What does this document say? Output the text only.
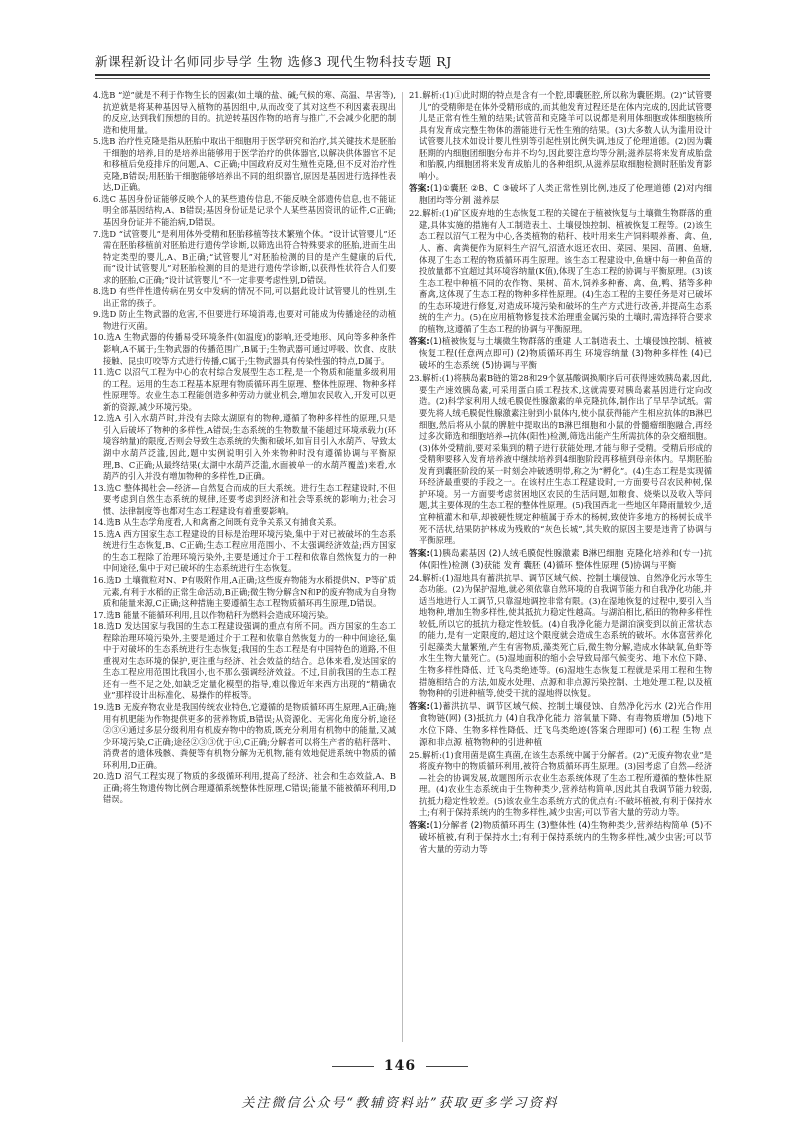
新课程新设计名师同步导学 生物 选修3 现代生物科技专题 RJ

4.选B “逆”就是不利于作物生长的因素(如土壤的盐、碱;气候的寒、高温、旱害等),抗逆就是将某种基因导入植物的基因组中,从而改变了其对这些不利因素表现出的反应,达到我们预想的目的。抗逆转基因作物的培育与推广,不会减少化肥的制造和使用量。

5.选B 治疗性克隆是指从胚胎中取出干细胞用于医学研究和治疗,其关键技术是胚胎干细胞的培养,目的是培养出能够用于医学治疗的供体器官,以解决供体器官不足和移植后免疫排斥的问题,A、C正确;中国政府反对生殖性克隆,但不反对治疗性克隆,B错误;用胚胎干细胞能够培养出不同的组织器官,原因是基因进行选择性表达,D正确。

6.选C 基因身份证能够反映个人的某些遗传信息,不能反映全部遗传信息,也不能证明全部基因结构,A、B错误;基因身份证是记录个人某些基因资讯的证件,C正确;基因身份证并不能治病,D错误。

7.选D “试管婴儿”是利用体外受精和胚胎移植等技术繁殖个体。“设计试管婴儿”还需在胚胎移植前对胚胎进行遗传学诊断,以筛选出符合特殊要求的胚胎,进而生出特定类型的婴儿,A、B正确;“试管婴儿”对胚胎检测的目的是产生健康的后代,而“设计试管婴儿”对胚胎检测的目的是进行遗传学诊断,以获得性状符合人们要求的胚胎,C正确;“设计试管婴儿”不一定非要考虑性别,D错误。

8.选D 有些伴性遗传病在男女中发病的情况不同,可以据此设计试管婴儿的性别,生出正常的孩子。

9.选D 防止生物武器的危害,不但要进行环境消毒,也要对可能成为传播途径的动植物进行灭菌。

10.选A 生物武器的传播易受环境条件(如温度)的影响,还受地形、风向等多种条件影响,A不属于;生物武器的传播范围广,B属于;生物武器可通过呼吸、饮食、皮肤接触、昆虫叮咬等方式进行传播,C属于;生物武器具有传染性强的特点,D属于。

11.选C 以沼气工程为中心的农村综合发展型生态工程,是一个物质和能量多级利用的工程。运用的生态工程基本原理有物质循环再生原理、整体性原理、物种多样性原理等。农业生态工程能创造多种劳动力就业机会,增加农民收入,开发可以更新的资源,减少环境污染。

12.选A 引入水葫芦时,并没有去除太湖原有的物种,遵循了物种多样性的原理,只是引入后破坏了物种的多样性,A错误;生态系统的生物数量不能超过环境承载力(环境容纳量)的限度,否则会导致生态系统的失衡和破坏,如盲目引入水葫芦、导致太湖中水葫芦泛滥,因此,题中实例说明引入外来物种时没有遵循协调与平衡原理,B、C正确;从最终结果(太湖中水葫芦泛滥,水面被单一的水葫芦覆盖)来看,水葫芦的引入并没有增加物种的多样性,D正确。

13.选C 整体揭杜会—经济—自然复合而成的巨大系统。进行生态工程建设时,不但要考虑到自然生态系统的规律,还要考虑到经济和社会等系统的影响力;社会习惯、法律制度等也都对生态工程建设有着重要影响。

14.选B 从生态学角度看,人和禽畜之间既有竞争关系又有捕食关系。

15.选A 西方国家生态工程建设的目标是治理环境污染,集中于对已被破坏的生态系统进行生态恢复,B、C正确;生态工程应用范围小、不太强调经济效益;西方国家的生态工程除了治理环境污染外,主要是通过介于工程和依靠自然恢复力的一种中间途径,集中于对已破坏的生态系统进行生态恢复。

16.选D 土壤微粒对N、P有吸附作用,A正确;这些废弃物能为水稻提供N、P等矿质元素,有利于水稻的正常生命活动,B正确;微生物分解含N和P的废弃物成为自身物质和能量来源,C正确;这种措施主要遵循生态工程物质循环再生原理,D错误。

17.选B 能量不能循环利用,且以作物秸秆为燃料会造成环境污染。

18.选D 发达国家与我国的生态工程建设强调的重点有所不同。西方国家的生态工程除治理环境污染外,主要是通过介于工程和依靠自然恢复力的一种中间途径,集中于对破坏的生态系统进行生态恢复;我国的生态工程是有中国特色的道路,不但重视对生态环境的保护,更注重与经济、社会效益的结合。总体来看,发达国家的生态工程应用范围比我国小,也不那么强调经济效益。不过,目前我国的生态工程还有一些不足之处,如缺乏定量化模型的指导,难以像近年来西方出现的“精确农业”那样设计出标准化、易操作的样板等。

19.选B 无废弃物农业是我国传统农业特色,它遵循的是物质循环再生原理,A正确;施用有机肥能为作物提供更多的营养物质,B错误;从资源化、无害化角度分析,途径②③④通过多层分级利用有机废弃物中的物质,既充分利用有机物中的能量,又减少环境污染,C正确;途径②③③优于④,C正确;分解者可以将生产者的秸秆落叶、消费者的遗体残骸、粪便等有机物分解为无机物,能有效地促进系统中物质的循环利用,D正确。

20.选D 沼气工程实现了物质的多级循环利用,提高了经济、社会和生态效益,A、B正确;将生物遗传物比例合理遵循系统整体性原理,C错误;能量不能被循环利用,D错误。

21.解析:(1)①此时期的特点是含有一个腔,即囊胚腔,所以称为囊胚期。(2)“试管婴儿”的受精卵是在体外受精形成的,而其他发育过程还是在体内完成的,因此试管婴儿是正常有性生殖的结果;试管苗和克隆羊可以说都是利用体细胞或体细胞核所具有发育成完整生物体的潜能进行无性生殖的结果。(3)大多数人认为滥用设计试管婴儿技术如设计婴儿性别等引起性别比例失调,违反了伦理道德。(2)因为囊胚期的内细胞团细胞分布并不均匀,因此要注意均等分割;滋养层将来发育成胎盘和胎膜,内细胞团将来发育成胎儿的各种组织,从滋养层取细胞检测时胚胎发育影响小。

答案:(1)①囊胚 ②B、C ③破坏了人类正常性别比例,违反了伦理道德 (2)对内细胞团均等分割 滋养层

22.解析:(1)矿区废弃地的生态恢复工程的关键在于植被恢复与土壤微生物群落的重建,具体实施的措施有人工制造表土、土壤侵蚀控制、植被恢复工程等。(2)该生态工程以沼气工程为中心,各类植物的秸秆、枝叶用来生产饲料喂养畜、禽、鱼,人、畜、禽粪便作为原料生产沼气,沼渣水返还农田、菜园、果园、苗圃、鱼塘,体现了生态工程的物质循环再生原理。该生态工程建设中,鱼塘中每一种鱼苗的投放量都不宜超过其环境容纳量(K值),体现了生态工程的协调与平衡原理。(3)该生态工程中种植不同的农作物、果树、苗木,饲养多种畜、禽、鱼,鸭、猪等多种畜禽,这体现了生态工程的物种多样性原理。(4)生态工程的主要任务是对已破坏的生态环境进行修复,对造成环境污染和破坏的生产方式进行改善,并提高生态系统的生产力。(5)在应用植物修复技术治理重金属污染的土壤时,需选择符合要求的植物,这遵循了生态工程的协调与平衡原理。

答案:(1)植被恢复与土壤微生物群落的重建 人工制造表土、土壤侵蚀控制、植被恢复工程(任意两点即可) (2)物质循环再生 环境容纳量 (3)物种多样性 (4)已破坏的生态系统 (5)协调与平衡

23.解析:(1)将胰岛素B链的第28和29个氨基酸调换顺序后可获得速效胰岛素,因此,要生产速效胰岛素,可采用蛋白质工程技术,这就需要对胰岛素基因进行定向改造。(2)科学家利用人绒毛膜促性腺激素的单克隆抗体,制作出了早早孕试纸。需要先将人绒毛膜促性腺激素注射到小鼠体内,使小鼠获得能产生相应抗体的B淋巴细胞,然后将从小鼠的脾脏中提取出的B淋巴细胞和小鼠的骨髓瘤细胞融合,再经过多次筛选和细胞培养→抗体(阳性)检测,筛选出能产生所需抗体的杂交瘤细胞。(3)体外受精前,要对采集到的精子进行获能处理,才能与卵子受精。受精后形成的受精卵要移入发育培养液中继续培养到4细胞阶段再移植到母亲体内。早期胚胎发育到囊胚阶段的某一时刻会冲破透明带,称之为“孵化”。(4)生态工程是实现循环经济最重要的手段之一。在该村庄生态工程建设时,一方面要号召农民种树,保护环境。另一方面要考虑贫困地区农民的生活问题,如粮食、烧柴以及收入等问题,其主要体现的生态工程的整体性原理。(5)我国西北一些地区年降雨量较少,适宜种植灌木和草,却被硬性规定种植属于乔木的杨树,致使许多地方的杨树长成半死不活状,结果防护林成为残败的“灰色长城”,其失败的原因主要是违背了协调与平衡原理。

答案:(1)胰岛素基因 (2)人绒毛膜促性腺激素 B淋巴细胞 克隆化培养和(专一)抗体(阳性)检测 (3)获能 发育 囊胚 (4)循环 整体性原理 (5)协调与平衡

24.解析:(1)湿地具有蓄洪抗旱、调节区域气候、控制土壤侵蚀、自然净化污水等生态功能。(2)为保护湿地,就必须依靠自然环境的自我调节能力和自我净化功能,并适当地进行人工调节,只靠湿地调控非常有限。(3)在湿地恢复的过程中,要引入当地物种,增加生物多样性,使其抵抗力稳定性越高。与湖泊相比,稻田的物种多样性较低,所以它的抵抗力稳定性较低。(4)自我净化能力是湖泊演变到以前正常状态的能力,是有一定限度的,超过这个限度就会造成生态系统的破坏。水体富营养化引起藻类大量繁殖,产生有害物质,藻类死亡后,微生物分解,造成水体缺氧,鱼虾等水生生物大量死亡。(5)湿地面积的缩小会导致局部气候变劣、地下水位下降、生物多样性降低、迁飞鸟类绝迹等。(6)湿地生态恢复工程就是采用工程和生物措施相结合的方法,如废水处理、点源和非点源污染控制、土地处理工程,以及植物物种的引进种植等,使受干扰的湿地得以恢复。

答案:(1)蓄洪抗旱、调节区域气候、控制土壤侵蚀、自然净化污水 (2)光合作用 食物链(网) (3)抵抗力 (4)自我净化能力 溶氧量下降、有毒物质增加 (5)地下水位下降、生物多样性降低、迁飞鸟类绝迹(答案合理即可) (6)工程 生物 点源和非点源 植物物种的引进种植

25.解析:(1)食用菌是腐生真菌,在该生态系统中属于分解者。(2)“无废弃物农业”是将废弃物中的物质循环利用,被符合物质循环再生原理。(3)园考虑了自然—经济—社会的协调发展,故题图所示农业生态系统体现了生态工程所遵循的整体性原理。(4)农业生态系统由于生物种类少,营养结构简单,因此其自我调节能力较弱,抗抵力稳定性较差。(5)该农业生态系统方式的优点有:不破坏植被,有利于保持水土;有利于保持系统内的生物多样性,减少虫害;可以节省大量的劳动力等。

答案:(1)分解者 (2)物质循环再生 (3)整体性 (4)生物种类少,营养结构简单 (5)不破坏植被,有利于保持水土;有利于保持系统内的生物多样性,减少虫害;可以节省大量的劳动力等

146
关注微信公众号“教辅资料站”获取更多学习资料
